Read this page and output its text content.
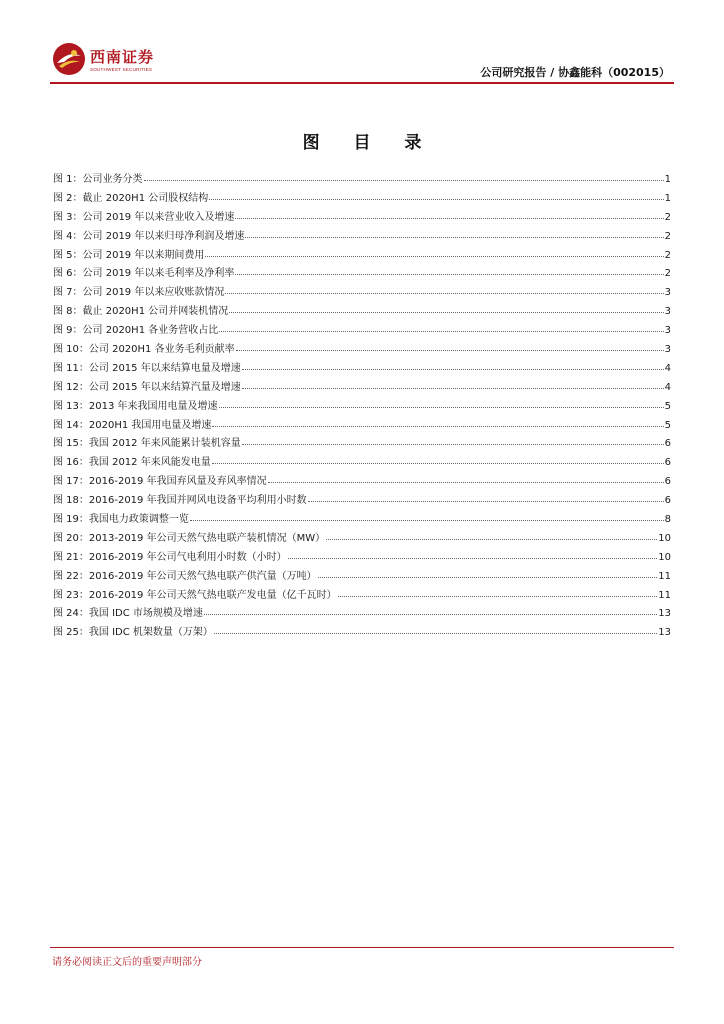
西南证券
SOUTHWEST SECURITIES	公司研究报告 / 协鑫能科（002015）
图 目 录
图 1：公司业务分类	1
图 2：截止 2020H1 公司股权结构	1
图 3：公司 2019 年以来营业收入及增速	2
图 4：公司 2019 年以来归母净利润及增速	2
图 5：公司 2019 年以来期间费用	2
图 6：公司 2019 年以来毛利率及净利率	2
图 7：公司 2019 年以来应收账款情况	3
图 8：截止 2020H1 公司并网装机情况	3
图 9：公司 2020H1 各业务营收占比	3
图 10：公司 2020H1 各业务毛利贡献率	3
图 11：公司 2015 年以来结算电量及增速	4
图 12：公司 2015 年以来结算汽量及增速	4
图 13：2013 年来我国用电量及增速	5
图 14：2020H1 我国用电量及增速	5
图 15：我国 2012 年来风能累计装机容量	6
图 16：我国 2012 年来风能发电量	6
图 17：2016-2019 年我国弃风量及弃风率情况	6
图 18：2016-2019 年我国并网风电设备平均利用小时数	6
图 19：我国电力政策调整一览	8
图 20：2013-2019 年公司天然气热电联产装机情况（MW）	10
图 21：2016-2019 年公司气电利用小时数（小时）	10
图 22：2016-2019 年公司天然气热电联产供汽量（万吨）	11
图 23：2016-2019 年公司天然气热电联产发电量（亿千瓦时）	11
图 24：我国 IDC 市场规模及增速	13
图 25：我国 IDC 机架数量（万架）	13
请务必阅读正文后的重要声明部分
